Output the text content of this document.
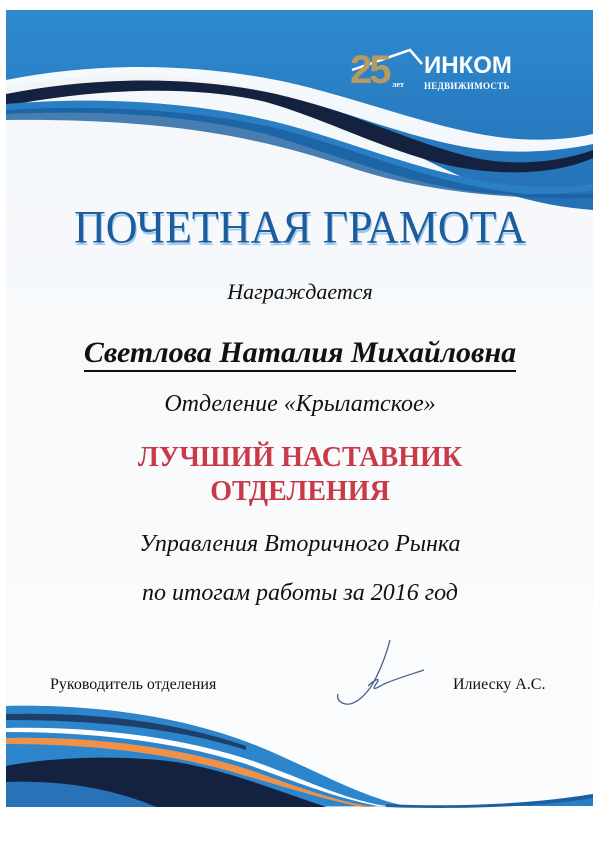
25 лет
ИНКОМ
НЕДВИЖИМОСТЬ
ПОЧЕТНАЯ ГРАМОТА
Награждается
Светлова Наталия Михайловна
Отделение «Крылатское»
ЛУЧШИЙ НАСТАВНИК
ОТДЕЛЕНИЯ
Управления Вторичного Рынка
по итогам работы за 2016 год
Руководитель отделения	Илиеску А.С.
